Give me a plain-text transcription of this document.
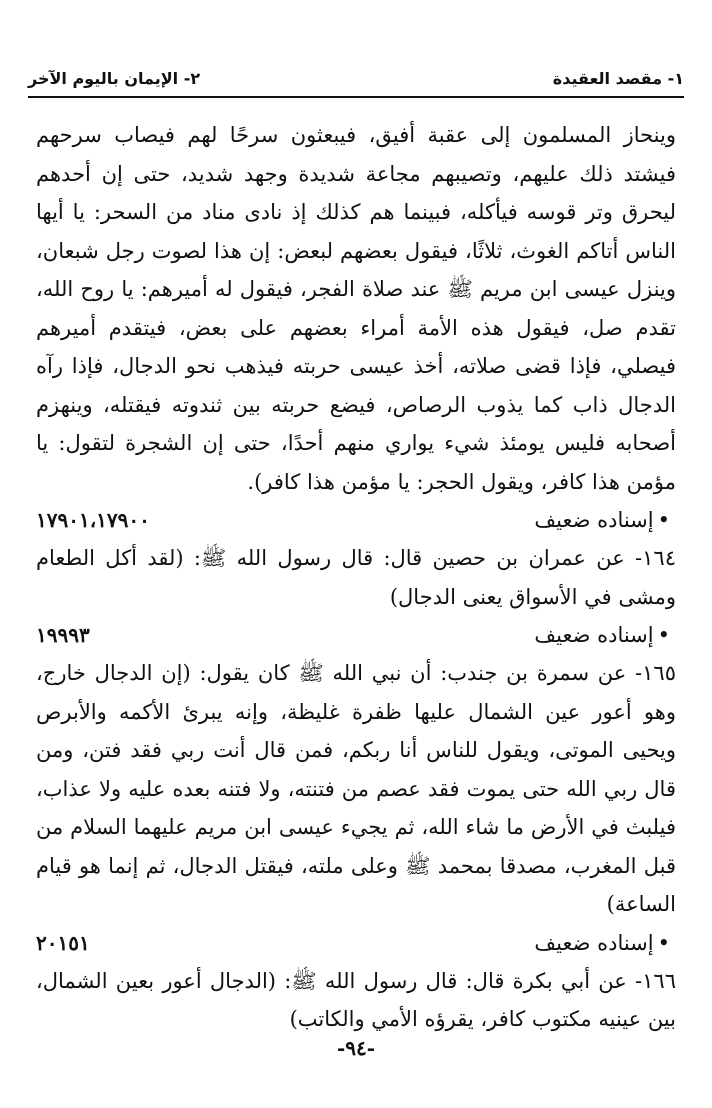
١- مقصد العقيدة
٢- الإيمان باليوم الآخر

وينحاز المسلمون إلى عقبة أفيق، فيبعثون سرحًا لهم فيصاب سرحهم فيشتد ذلك عليهم، وتصيبهم مجاعة شديدة وجهد شديد، حتى إن أحدهم ليحرق وتر قوسه فيأكله، فبينما هم كذلك إذ نادى مناد من السحر: يا أيها الناس أتاكم الغوث، ثلاثًا، فيقول بعضهم لبعض: إن هذا لصوت رجل شبعان، وينزل عيسى ابن مريم ﷺ عند صلاة الفجر، فيقول له أميرهم: يا روح الله، تقدم صل، فيقول هذه الأمة أمراء بعضهم على بعض، فيتقدم أميرهم فيصلي، فإذا قضى صلاته، أخذ عيسى حربته فيذهب نحو الدجال، فإذا رآه الدجال ذاب كما يذوب الرصاص، فيضع حربته بين ثندوته فيقتله، وينهزم أصحابه فليس يومئذ شيء يواري منهم أحدًا، حتى إن الشجرة لتقول: يا مؤمن هذا كافر، ويقول الحجر: يا مؤمن هذا كافر).

•إسناده ضعيف
١٧٩٠١،١٧٩٠٠

١٦٤- عن عمران بن حصين قال: قال رسول الله ﷺ: (لقد أكل الطعام ومشى في الأسواق يعنى الدجال)

•إسناده ضعيف
١٩٩٩٣

١٦٥- عن سمرة بن جندب: أن نبي الله ﷺ كان يقول: (إن الدجال خارج، وهو أعور عين الشمال عليها ظفرة غليظة، وإنه يبرئ الأكمه والأبرص ويحيى الموتى، ويقول للناس أنا ربكم، فمن قال أنت ربي فقد فتن، ومن قال ربي الله حتى يموت فقد عصم من فتنته، ولا فتنه بعده عليه ولا عذاب، فيلبث في الأرض ما شاء الله، ثم يجيء عيسى ابن مريم عليهما السلام من قبل المغرب، مصدقا بمحمد ﷺ وعلى ملته، فيقتل الدجال، ثم إنما هو قيام الساعة)

•إسناده ضعيف
٢٠١٥١

١٦٦- عن أبي بكرة قال: قال رسول الله ﷺ: (الدجال أعور بعين الشمال، بين عينيه مكتوب كافر، يقرؤه الأمي والكاتب)

-٩٤-
